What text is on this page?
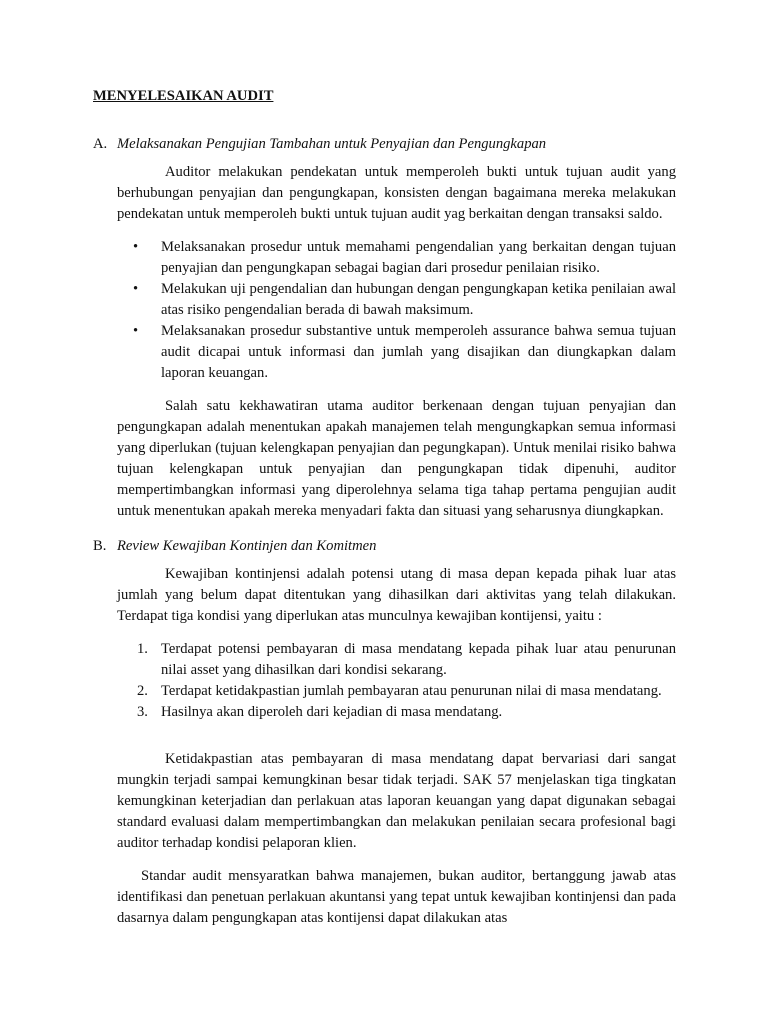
MENYELESAIKAN AUDIT
A. Melaksanakan Pengujian Tambahan untuk Penyajian dan Pengungkapan

Auditor melakukan pendekatan untuk memperoleh bukti untuk tujuan audit yang berhubungan penyajian dan pengungkapan, konsisten dengan bagaimana mereka melakukan pendekatan untuk memperoleh bukti untuk tujuan audit yag berkaitan dengan transaksi saldo.

• Melaksanakan prosedur untuk memahami pengendalian yang berkaitan dengan tujuan penyajian dan pengungkapan sebagai bagian dari prosedur penilaian risiko.
• Melakukan uji pengendalian dan hubungan dengan pengungkapan ketika penilaian awal atas risiko pengendalian berada di bawah maksimum.
• Melaksanakan prosedur substantive untuk memperoleh assurance bahwa semua tujuan audit dicapai untuk informasi dan jumlah yang disajikan dan diungkapkan dalam laporan keuangan.

Salah satu kekhawatiran utama auditor berkenaan dengan tujuan penyajian dan pengungkapan adalah menentukan apakah manajemen telah mengungkapkan semua informasi yang diperlukan (tujuan kelengkapan penyajian dan pegungkapan). Untuk menilai risiko bahwa tujuan kelengkapan untuk penyajian dan pengungkapan tidak dipenuhi, auditor mempertimbangkan informasi yang diperolehnya selama tiga tahap pertama pengujian audit untuk menentukan apakah mereka menyadari fakta dan situasi yang seharusnya diungkapkan.

B. Review Kewajiban Kontinjen dan Komitmen

Kewajiban kontinjensi adalah potensi utang di masa depan kepada pihak luar atas jumlah yang belum dapat ditentukan yang dihasilkan dari aktivitas yang telah dilakukan. Terdapat tiga kondisi yang diperlukan atas munculnya kewajiban kontijensi, yaitu :

1. Terdapat potensi pembayaran di masa mendatang kepada pihak luar atau penurunan nilai asset yang dihasilkan dari kondisi sekarang.
2. Terdapat ketidakpastian jumlah pembayaran atau penurunan nilai di masa mendatang.
3. Hasilnya akan diperoleh dari kejadian di masa mendatang.

Ketidakpastian atas pembayaran di masa mendatang dapat bervariasi dari sangat mungkin terjadi sampai kemungkinan besar tidak terjadi. SAK 57 menjelaskan tiga tingkatan kemungkinan keterjadian dan perlakuan atas laporan keuangan yang dapat digunakan sebagai standard evaluasi dalam mempertimbangkan dan melakukan penilaian secara profesional bagi auditor terhadap kondisi pelaporan klien.

Standar audit mensyaratkan bahwa manajemen, bukan auditor, bertanggung jawab atas identifikasi dan penetuan perlakuan akuntansi yang tepat untuk kewajiban kontinjensi dan pada dasarnya dalam pengungkapan atas kontijensi dapat dilakukan atas
